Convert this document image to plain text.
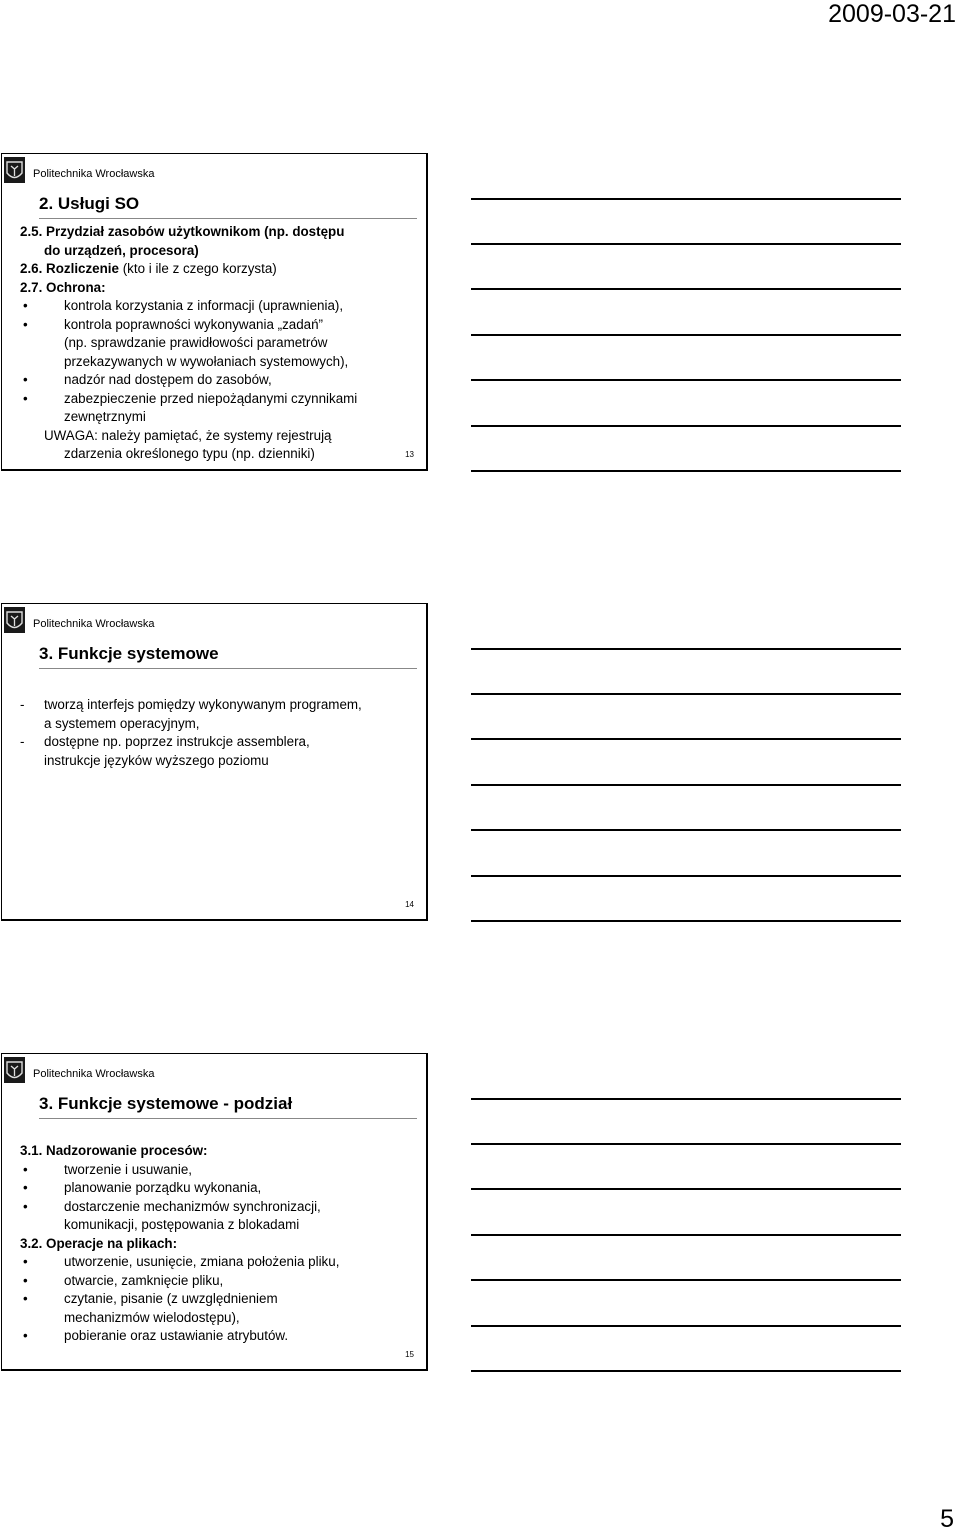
2009-03-21
Politechnika Wrocławska
2. Usługi SO
2.5. Przydział zasobów użytkownikom (np. dostępu
do urządzeń, procesora)
2.6. Rozliczenie (kto i ile z czego korzysta)
2.7. Ochrona:
•	kontrola korzystania z informacji (uprawnienia),
•	kontrola poprawności wykonywania „zadań”
(np. sprawdzanie prawidłowości parametrów
przekazywanych w wywołaniach systemowych),
•	nadzór nad dostępem do zasobów,
•	zabezpieczenie przed niepożądanymi czynnikami
zewnętrznymi
UWAGA: należy pamiętać, że systemy rejestrują
zdarzenia określonego typu (np. dzienniki)	13
Politechnika Wrocławska
3. Funkcje systemowe
- tworzą interfejs pomiędzy wykonywanym programem,
a systemem operacyjnym,
- dostępne np. poprzez instrukcje assemblera,
instrukcje języków wyższego poziomu
14
Politechnika Wrocławska
3. Funkcje systemowe - podział
3.1. Nadzorowanie procesów:
•	tworzenie i usuwanie,
•	planowanie porządku wykonania,
•	dostarczenie mechanizmów synchronizacji,
komunikacji, postępowania z blokadami
3.2. Operacje na plikach:
•	utworzenie, usunięcie, zmiana położenia pliku,
•	otwarcie, zamknięcie pliku,
•	czytanie, pisanie (z uwzględnieniem
mechanizmów wielodostępu),
•	pobieranie oraz ustawianie atrybutów.
15
5
